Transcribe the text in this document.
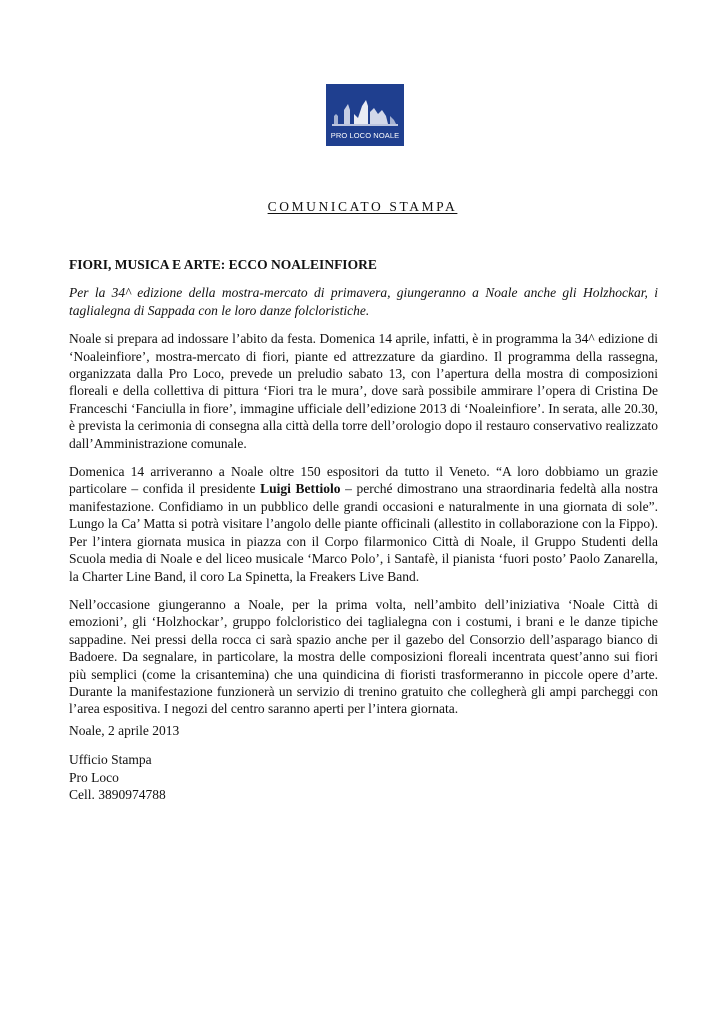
PRO LOCO NOALE
COMUNICATO STAMPA

FIORI, MUSICA E ARTE: ECCO NOALEINFIORE

Per la 34^ edizione della mostra-mercato di primavera, giungeranno a Noale anche gli Holzhockar, i taglialegna di Sappada con le loro danze folcloristiche.

Noale si prepara ad indossare l’abito da festa. Domenica 14 aprile, infatti, è in programma la 34^ edizione di ‘Noaleinfiore’, mostra-mercato di fiori, piante ed attrezzature da giardino. Il programma della rassegna, organizzata dalla Pro Loco, prevede un preludio sabato 13, con l’apertura della mostra di composizioni floreali e della collettiva di pittura ‘Fiori tra le mura’, dove sarà possibile ammirare l’opera di Cristina De Franceschi ‘Fanciulla in fiore’, immagine ufficiale dell’edizione 2013 di ‘Noaleinfiore’. In serata, alle 20.30, è prevista la cerimonia di consegna alla città della torre dell’orologio dopo il restauro conservativo realizzato dall’Amministrazione comunale.

Domenica 14 arriveranno a Noale oltre 150 espositori da tutto il Veneto. “A loro dobbiamo un grazie particolare – confida il presidente Luigi Bettiolo – perché dimostrano una straordinaria fedeltà alla nostra manifestazione. Confidiamo in un pubblico delle grandi occasioni e naturalmente in una giornata di sole”. Lungo la Ca’ Matta si potrà visitare l’angolo delle piante officinali (allestito in collaborazione con la Fippo). Per l’intera giornata musica in piazza con il Corpo filarmonico Città di Noale, il Gruppo Studenti della Scuola media di Noale e del liceo musicale ‘Marco Polo’, i Santafè, il pianista ‘fuori posto’ Paolo Zanarella, la Charter Line Band, il coro La Spinetta, la Freakers Live Band.

Nell’occasione giungeranno a Noale, per la prima volta, nell’ambito dell’iniziativa ‘Noale Città di emozioni’, gli ‘Holzhockar’, gruppo folcloristico dei taglialegna con i costumi, i brani e le danze tipiche sappadine. Nei pressi della rocca ci sarà spazio anche per il gazebo del Consorzio dell’asparago bianco di Badoere. Da segnalare, in particolare, la mostra delle composizioni floreali incentrata quest’anno sui fiori più semplici (come la crisantemina) che una quindicina di fioristi trasformeranno in piccole opere d’arte. Durante la manifestazione funzionerà un servizio di trenino gratuito che collegherà gli ampi parcheggi con l’area espositiva. I negozi del centro saranno aperti per l’intera giornata.

Noale, 2 aprile 2013
Ufficio Stampa
Pro Loco
Cell. 3890974788
